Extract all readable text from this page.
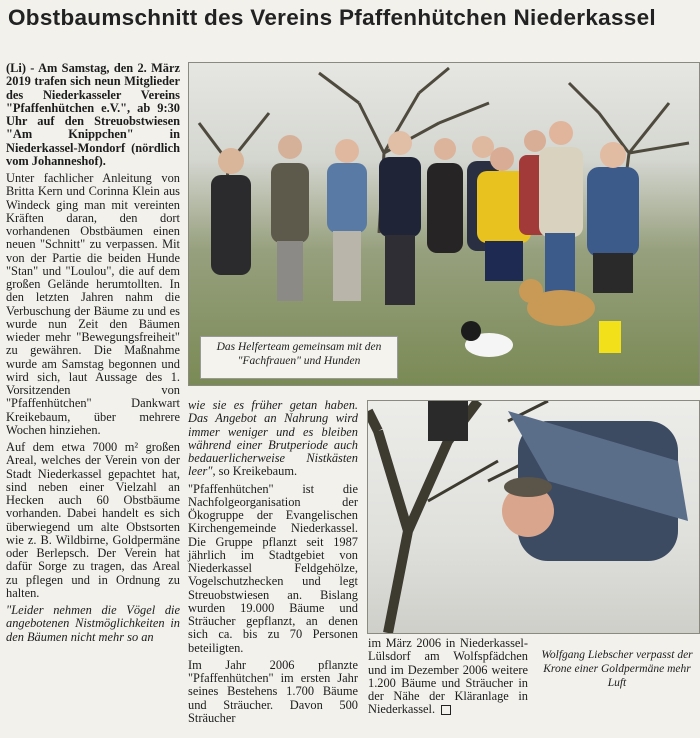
Obstbaumschnitt des Vereins Pfaffenhütchen Niederkassel

(Li) - Am Samstag, den 2. März 2019 trafen sich neun Mitglieder des Niederkasseler Vereins "Pfaffenhütchen e.V.", ab 9:30 Uhr auf den Streuobstwiesen "Am Knippchen" in Niederkassel-Mondorf (nördlich vom Johanneshof).

Unter fachlicher Anleitung von Britta Kern und Corinna Klein aus Windeck ging man mit vereinten Kräften daran, den dort vorhandenen Obstbäumen einen neuen "Schnitt" zu verpassen. Mit von der Partie die beiden Hunde "Stan" und "Loulou", die auf dem großen Gelände herumtollten. In den letzten Jahren nahm die Verbuschung der Bäume zu und es wurde nun Zeit den Bäumen wieder mehr "Bewegungsfreiheit" zu gewähren. Die Maßnahme wurde am Samstag begonnen und wird sich, laut Aussage des 1. Vorsitzenden von "Pfaffenhütchen" Dankwart Kreikebaum, über mehrere Wochen hinziehen.

Auf dem etwa 7000 m² großen Areal, welches der Verein von der Stadt Niederkassel gepachtet hat, sind neben einer Vielzahl an Hecken auch 60 Obstbäume vorhanden. Dabei handelt es sich überwiegend um alte Obstsorten wie z. B. Wildbirne, Goldpermäne oder Berlepsch. Der Verein hat dafür Sorge zu tragen, das Areal zu pflegen und in Ordnung zu halten.

"Leider nehmen die Vögel die angebotenen Nistmöglichkeiten in den Bäumen nicht mehr so an

Das Helferteam gemeinsam mit den "Fachfrauen" und Hunden

wie sie es früher getan haben. Das Angebot an Nahrung wird immer weniger und es bleiben während einer Brutperiode auch bedauerlicherweise Nistkästen leer", so Kreikebaum.

"Pfaffenhütchen" ist die Nachfolgeorganisation der Ökogruppe der Evangelischen Kirchengemeinde Niederkassel. Die Gruppe pflanzt seit 1987 jährlich im Stadtgebiet von Niederkassel Feldgehölze, Vogelschutzhecken und legt Streuobstwiesen an. Bislang wurden 19.000 Bäume und Sträucher gepflanzt, an denen sich ca. bis zu 70 Personen beteiligten.

Im Jahr 2006 pflanzte "Pfaffenhütchen" im ersten Jahr seines Bestehens 1.700 Bäume und Sträucher. Davon 500 Sträucher

im März 2006 in Niederkassel-Lülsdorf am Wolfspfädchen und im Dezember 2006 weitere 1.200 Bäume und Sträucher in der Nähe der Kläranlage in Niederkassel.

Wolfgang Liebscher verpasst der Krone einer Goldpermäne mehr Luft
